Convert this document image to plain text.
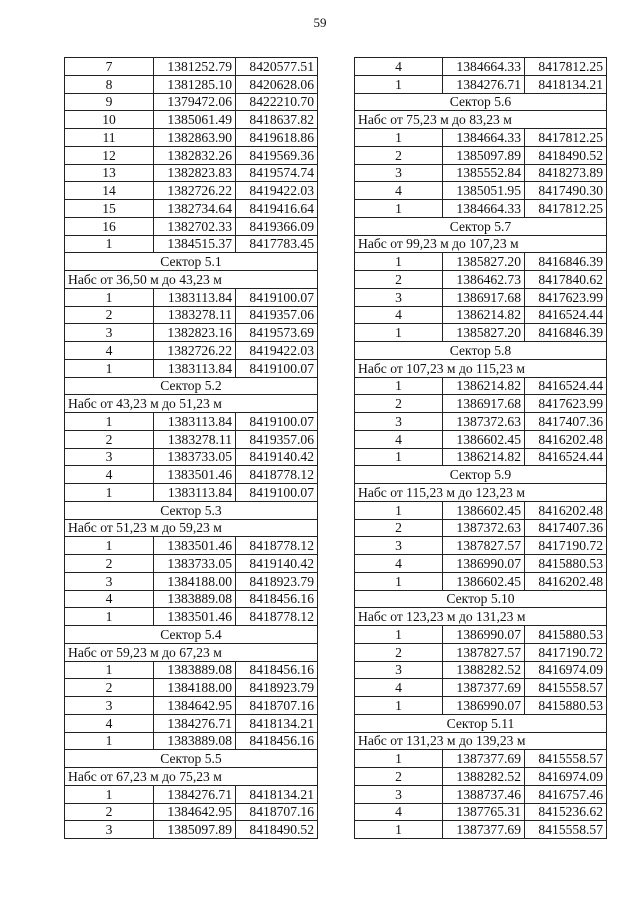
59
7	1381252.79	8420577.51
8	1381285.10	8420628.06
9	1379472.06	8422210.70
10	1385061.49	8418637.82
11	1382863.90	8419618.86
12	1382832.26	8419569.36
13	1382823.83	8419574.74
14	1382726.22	8419422.03
15	1382734.64	8419416.64
16	1382702.33	8419366.09
1	1384515.37	8417783.45
Сектор 5.1		
Набс от 36,50 м до 43,23 м		
1	1383113.84	8419100.07
2	1383278.11	8419357.06
3	1382823.16	8419573.69
4	1382726.22	8419422.03
1	1383113.84	8419100.07
Сектор 5.2		
Набс от 43,23 м до 51,23 м		
1	1383113.84	8419100.07
2	1383278.11	8419357.06
3	1383733.05	8419140.42
4	1383501.46	8418778.12
1	1383113.84	8419100.07
Сектор 5.3		
Набс от 51,23 м до 59,23 м		
1	1383501.46	8418778.12
2	1383733.05	8419140.42
3	1384188.00	8418923.79
4	1383889.08	8418456.16
1	1383501.46	8418778.12
Сектор 5.4		
Набс от 59,23 м до 67,23 м		
1	1383889.08	8418456.16
2	1384188.00	8418923.79
3	1384642.95	8418707.16
4	1384276.71	8418134.21
1	1383889.08	8418456.16
Сектор 5.5		
Набс от 67,23 м до 75,23 м		
1	1384276.71	8418134.21
2	1384642.95	8418707.16
3	1385097.89	8418490.52
4	1384664.33	8417812.25
1	1384276.71	8418134.21
Сектор 5.6		
Набс от 75,23 м до 83,23 м		
1	1384664.33	8417812.25
2	1385097.89	8418490.52
3	1385552.84	8418273.89
4	1385051.95	8417490.30
1	1384664.33	8417812.25
Сектор 5.7		
Набс от 99,23 м до 107,23 м		
1	1385827.20	8416846.39
2	1386462.73	8417840.62
3	1386917.68	8417623.99
4	1386214.82	8416524.44
1	1385827.20	8416846.39
Сектор 5.8		
Набс от 107,23 м до 115,23 м		
1	1386214.82	8416524.44
2	1386917.68	8417623.99
3	1387372.63	8417407.36
4	1386602.45	8416202.48
1	1386214.82	8416524.44
Сектор 5.9		
Набс от 115,23 м до 123,23 м		
1	1386602.45	8416202.48
2	1387372.63	8417407.36
3	1387827.57	8417190.72
4	1386990.07	8415880.53
1	1386602.45	8416202.48
Сектор 5.10		
Набс от 123,23 м до 131,23 м		
1	1386990.07	8415880.53
2	1387827.57	8417190.72
3	1388282.52	8416974.09
4	1387377.69	8415558.57
1	1386990.07	8415880.53
Сектор 5.11		
Набс от 131,23 м до 139,23 м		
1	1387377.69	8415558.57
2	1388282.52	8416974.09
3	1388737.46	8416757.46
4	1387765.31	8415236.62
1	1387377.69	8415558.57
